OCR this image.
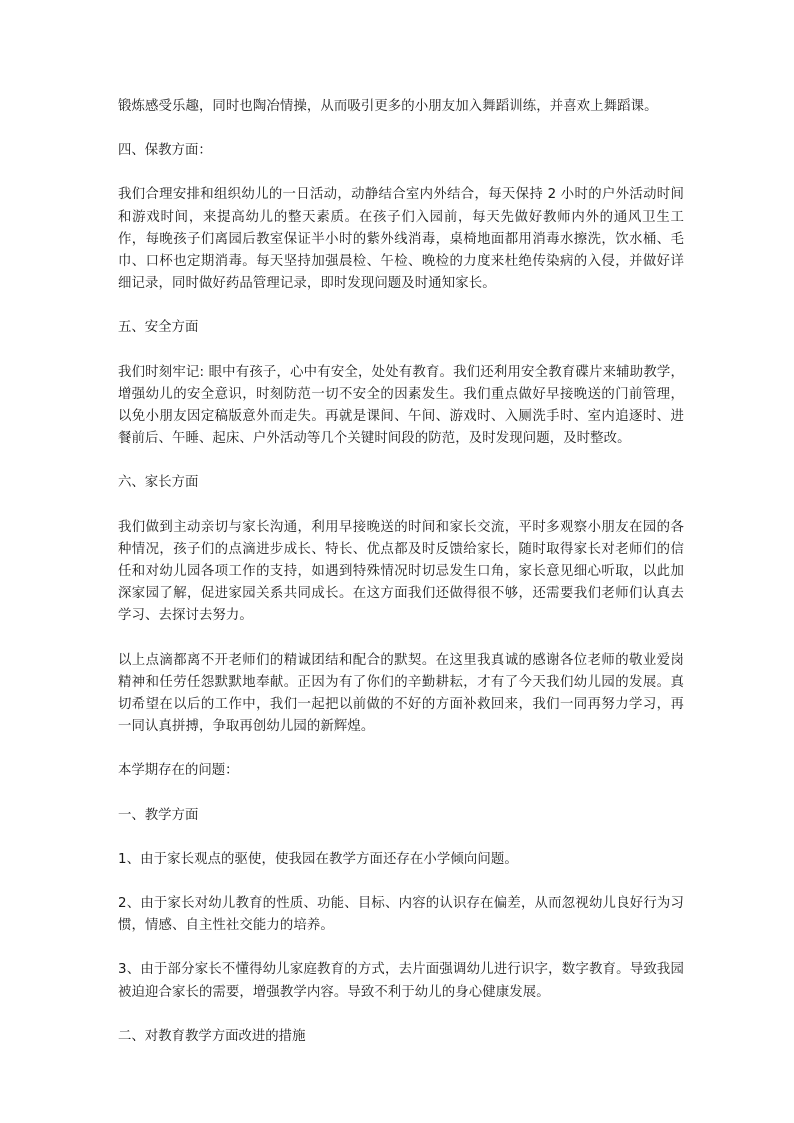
锻炼感受乐趣，同时也陶冶情操，从而吸引更多的小朋友加入舞蹈训练，并喜欢上舞蹈课。

四、保教方面：

我们合理安排和组织幼儿的一日活动，动静结合室内外结合，每天保持 2 小时的户外活动时间和游戏时间，来提高幼儿的整天素质。在孩子们入园前，每天先做好教师内外的通风卫生工作，每晚孩子们离园后教室保证半小时的紫外线消毒，桌椅地面都用消毒水擦洗，饮水桶、毛巾、口杯也定期消毒。每天坚持加强晨检、午检、晚检的力度来杜绝传染病的入侵，并做好详细记录，同时做好药品管理记录，即时发现问题及时通知家长。

五、安全方面

我们时刻牢记: 眼中有孩子，心中有安全，处处有教育。我们还利用安全教育碟片来辅助教学，增强幼儿的安全意识，时刻防范一切不安全的因素发生。我们重点做好早接晚送的门前管理，以免小朋友因定稿版意外而走失。再就是课间、午间、游戏时、入厕洗手时、室内追逐时、进餐前后、午睡、起床、户外活动等几个关键时间段的防范，及时发现问题，及时整改。

六、家长方面

我们做到主动亲切与家长沟通，利用早接晚送的时间和家长交流，平时多观察小朋友在园的各种情况，孩子们的点滴进步成长、特长、优点都及时反馈给家长，随时取得家长对老师们的信任和对幼儿园各项工作的支持，如遇到特殊情况时切忌发生口角，家长意见细心听取，以此加深家园了解，促进家园关系共同成长。在这方面我们还做得很不够，还需要我们老师们认真去学习、去探讨去努力。

以上点滴都离不开老师们的精诚团结和配合的默契。在这里我真诚的感谢各位老师的敬业爱岗精神和任劳任怨默默地奉献。正因为有了你们的辛勤耕耘，才有了今天我们幼儿园的发展。真切希望在以后的工作中，我们一起把以前做的不好的方面补救回来，我们一同再努力学习，再一同认真拼搏，争取再创幼儿园的新辉煌。

本学期存在的问题：

一、教学方面

1、由于家长观点的驱使，使我园在教学方面还存在小学倾向问题。

2、由于家长对幼儿教育的性质、功能、目标、内容的认识存在偏差，从而忽视幼儿良好行为习惯，情感、自主性社交能力的培养。

3、由于部分家长不懂得幼儿家庭教育的方式，去片面强调幼儿进行识字，数字教育。导致我园被迫迎合家长的需要，增强教学内容。导致不利于幼儿的身心健康发展。

二、对教育教学方面改进的措施
